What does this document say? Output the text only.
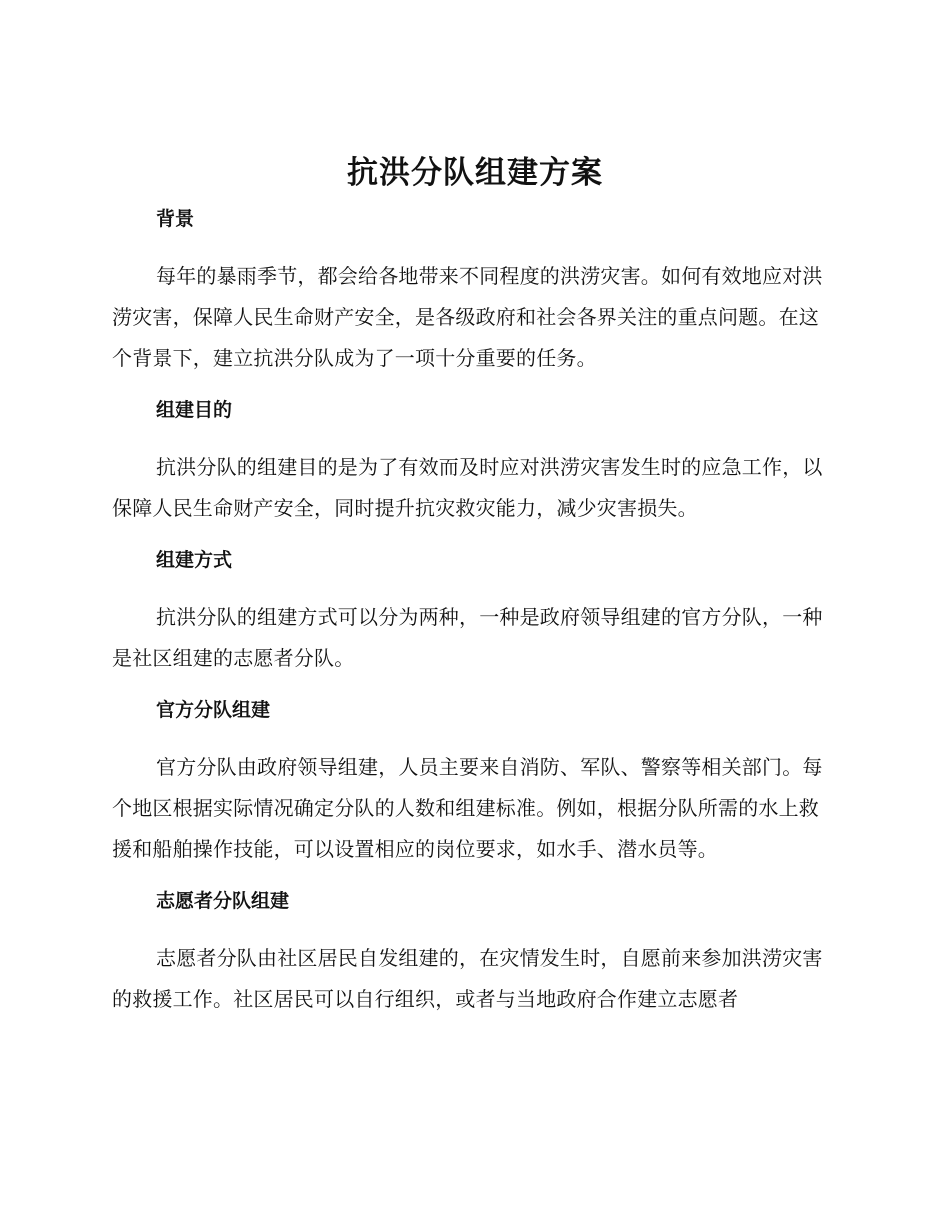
抗洪分队组建方案
背景

每年的暴雨季节，都会给各地带来不同程度的洪涝灾害。如何有效地应对洪涝灾害，保障人民生命财产安全，是各级政府和社会各界关注的重点问题。在这个背景下，建立抗洪分队成为了一项十分重要的任务。

组建目的

抗洪分队的组建目的是为了有效而及时应对洪涝灾害发生时的应急工作，以保障人民生命财产安全，同时提升抗灾救灾能力，减少灾害损失。

组建方式

抗洪分队的组建方式可以分为两种，一种是政府领导组建的官方分队，一种是社区组建的志愿者分队。

官方分队组建

官方分队由政府领导组建，人员主要来自消防、军队、警察等相关部门。每个地区根据实际情况确定分队的人数和组建标准。例如，根据分队所需的水上救援和船舶操作技能，可以设置相应的岗位要求，如水手、潜水员等。

志愿者分队组建

志愿者分队由社区居民自发组建的，在灾情发生时，自愿前来参加洪涝灾害的救援工作。社区居民可以自行组织，或者与当地政府合作建立志愿者
